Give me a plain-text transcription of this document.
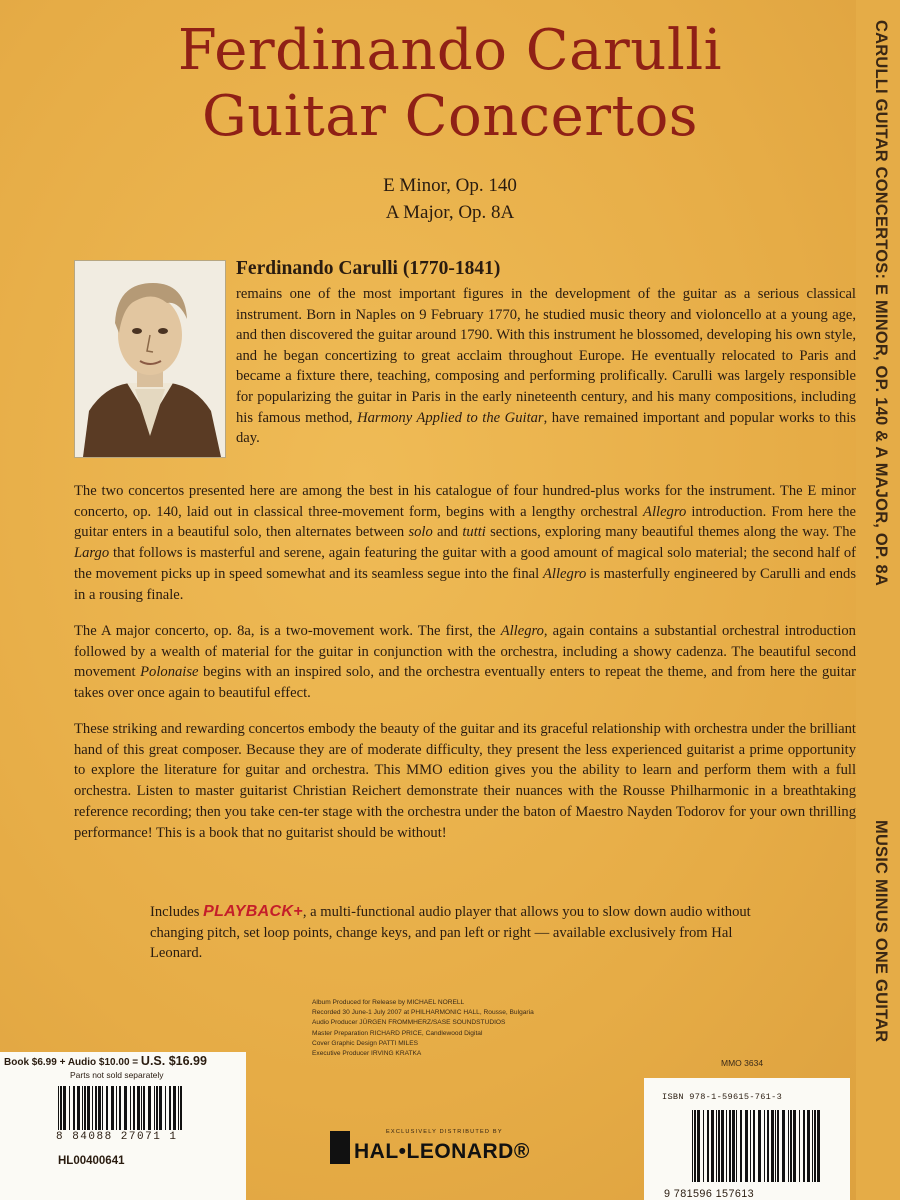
CARULLI GUITAR CONCERTOS: E MINOR, OP. 140 & A MAJOR, OP. 8A
MUSIC MINUS ONE GUITAR
Ferdinando Carulli
Guitar Concertos
E Minor, Op. 140
A Major, Op. 8A
Ferdinando Carulli (1770-1841)
remains one of the most important figures in the development of the guitar as a serious classical instrument. Born in Naples on 9 February 1770, he studied music theory and violoncello at a young age, and then discovered the guitar around 1790. With this instrument he blossomed, developing his own style, and he began concertizing to great acclaim throughout Europe. He eventually relocated to Paris and became a fixture there, teaching, composing and performing prolifically. Carulli was largely responsible for popularizing the guitar in Paris in the early nineteenth century, and his many compositions, including his famous method, Harmony Applied to the Guitar, have remained important and popular works to this day.
The two concertos presented here are among the best in his catalogue of four hundred-plus works for the instrument. The E minor concerto, op. 140, laid out in classical three-movement form, begins with a lengthy orchestral Allegro introduction. From here the guitar enters in a beautiful solo, then alternates between solo and tutti sections, exploring many beautiful themes along the way. The Largo that follows is masterful and serene, again featuring the guitar with a good amount of magical solo material; the second half of the movement picks up in speed somewhat and its seamless segue into the final Allegro is masterfully engineered by Carulli and ends in a rousing finale.
The A major concerto, op. 8a, is a two-movement work. The first, the Allegro, again contains a substantial orchestral introduction followed by a wealth of material for the guitar in conjunction with the orchestra, including a showy cadenza. The beautiful second movement Polonaise begins with an inspired solo, and the orchestra eventually enters to repeat the theme, and from here the guitar takes over once again to beautiful effect.
These striking and rewarding concertos embody the beauty of the guitar and its graceful relationship with orchestra under the brilliant hand of this great composer. Because they are of moderate difficulty, they present the less experienced guitarist a prime opportunity to explore the literature for guitar and orchestra. This MMO edition gives you the ability to learn and perform them with a full orchestra. Listen to master guitarist Christian Reichert demonstrate their nuances with the Rousse Philharmonic in a breathtaking reference recording; then you take cen-ter stage with the orchestra under the baton of Maestro Nayden Todorov for your own thrilling performance! This is a book that no guitarist should be without!
Includes PLAYBACK+, a multi-functional audio player that allows you to slow down audio without changing pitch, set loop points, change keys, and pan left or right — available exclusively from Hal Leonard.
Album Produced for Release by MICHAEL NORELL
Recorded 30 June-1 July 2007 at PHILHARMONIC HALL, Rousse, Bulgaria
Audio Producer JÜRGEN FROMMHERZ/SASE SOUNDSTUDIOS
Master Preparation RICHARD PRICE, Candlewood Digital
Cover Graphic Design PATTI MILES
Executive Producer IRVING KRATKA
MMO 3634
Book $6.99 + Audio $10.00 = U.S. $16.99
Parts not sold separately
8 84088 27071 1
HL00400641
EXCLUSIVELY DISTRIBUTED BY
HAL•LEONARD®
ISBN 978-1-59615-761-3
9 781596 157613
